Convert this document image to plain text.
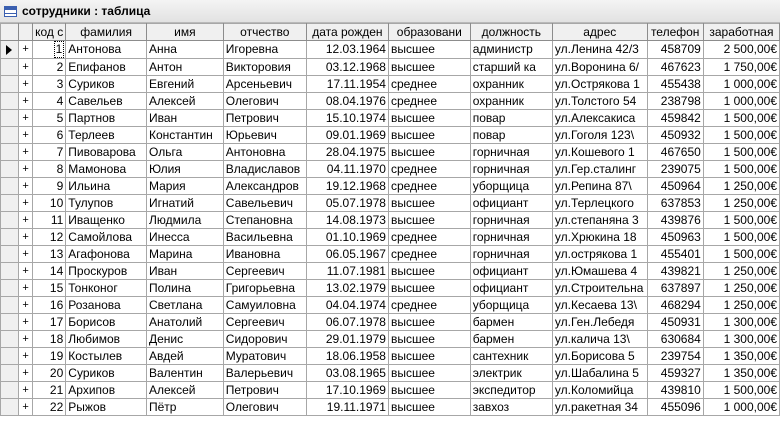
сотрудники : таблица
		код с	фамилия	имя	отчество	дата рожден	образовани	должность	адрес	телефон	заработная
	+	1	Антонова	Анна	Игоревна	12.03.1964	высшее	администр	ул.Ленина 42/3	458709	2 500,00€
	+	2	Епифанов	Антон	Викторовия	03.12.1968	высшее	старший ка	ул.Воронина 6/	467623	1 750,00€
	+	3	Суриков	Евгений	Арсеньевич	17.11.1954	среднее	охранник	ул.Острякова 1	455438	1 000,00€
	+	4	Савельев	Алексей	Олегович	08.04.1976	среднее	охранник	ул.Толстого 54	238798	1 000,00€
	+	5	Партнов	Иван	Петрович	15.10.1974	высшее	повар	ул.Алексакиса	459842	1 500,00€
	+	6	Терлеев	Константин	Юрьевич	09.01.1969	высшее	повар	ул.Гоголя 123\	450932	1 500,00€
	+	7	Пивоварова	Ольга	Антоновна	28.04.1975	высшее	горничная	ул.Кошевого 1	467650	1 500,00€
	+	8	Мамонова	Юлия	Владиславов	04.11.1970	среднее	горничная	ул.Гер.сталинг	239075	1 500,00€
	+	9	Ильина	Мария	Александров	19.12.1968	среднее	уборщица	ул.Репина 87\	450964	1 250,00€
	+	10	Тулупов	Игнатий	Савельевич	05.07.1978	высшее	официант	ул.Терлецкого	637853	1 250,00€
	+	11	Иващенко	Людмила	Степановна	14.08.1973	высшее	горничная	ул.степаняна 3	439876	1 500,00€
	+	12	Самойлова	Инесса	Васильевна	01.10.1969	среднее	горничная	ул.Хрюкина 18	450963	1 500,00€
	+	13	Агафонова	Марина	Ивановна	06.05.1967	среднее	горничная	ул.острякова 1	455401	1 500,00€
	+	14	Проскуров	Иван	Сергеевич	11.07.1981	высшее	официант	ул.Юмашева 4	439821	1 250,00€
	+	15	Тонконог	Полина	Григорьевна	13.02.1979	высшее	официант	ул.Строительна	637897	1 250,00€
	+	16	Розанова	Светлана	Самуиловна	04.04.1974	среднее	уборщица	ул.Кесаева 13\	468294	1 250,00€
	+	17	Борисов	Анатолий	Сергеевич	06.07.1978	высшее	бармен	ул.Ген.Лебедя	450931	1 300,00€
	+	18	Любимов	Денис	Сидорович	29.01.1979	высшее	бармен	ул.калича 13\	630684	1 300,00€
	+	19	Костылев	Авдей	Муратович	18.06.1958	высшее	сантехник	ул.Борисова 5	239754	1 350,00€
	+	20	Суриков	Валентин	Валерьевич	03.08.1965	высшее	электрик	ул.Шабалина 5	459327	1 350,00€
	+	21	Архипов	Алексей	Петрович	17.10.1969	высшее	экспедитор	ул.Коломийца	439810	1 500,00€
	+	22	Рыжов	Пётр	Олегович	19.11.1971	высшее	завхоз	ул.ракетная 34	455096	1 000,00€
